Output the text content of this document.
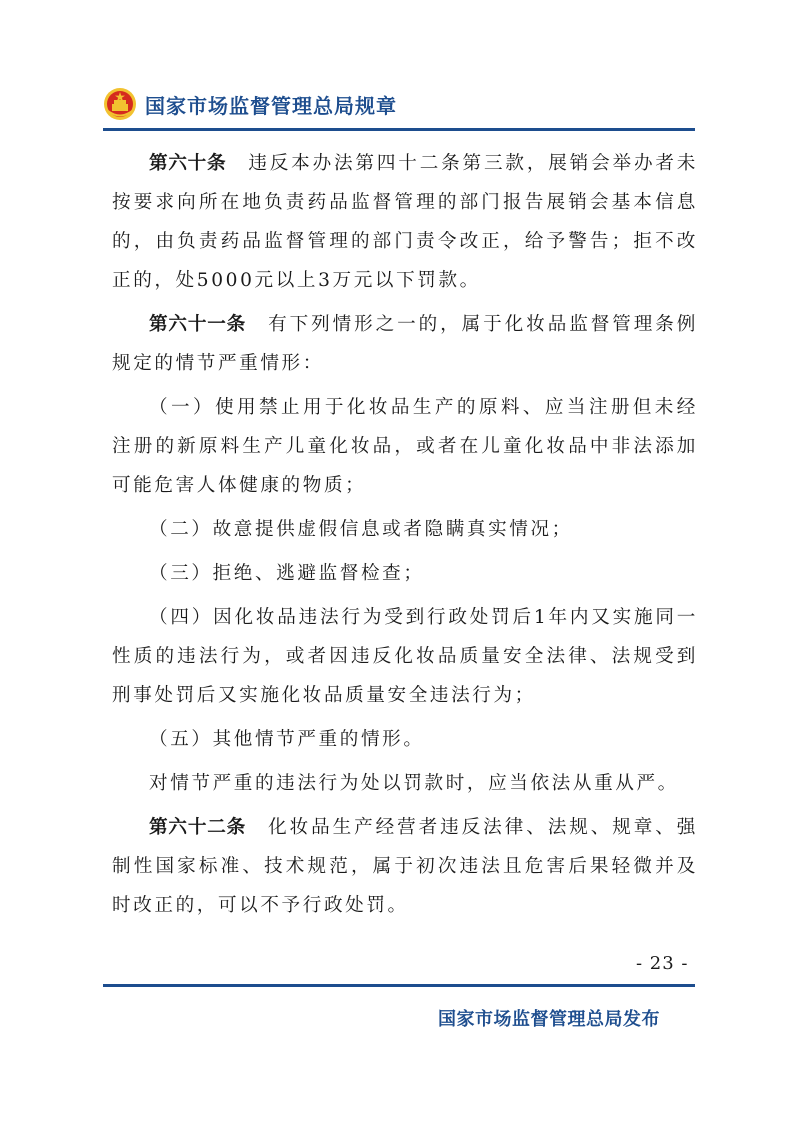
国家市场监督管理总局规章

第六十条 违反本办法第四十二条第三款，展销会举办者未按要求向所在地负责药品监督管理的部门报告展销会基本信息的，由负责药品监督管理的部门责令改正，给予警告；拒不改正的，处5000元以上3万元以下罚款。

第六十一条 有下列情形之一的，属于化妆品监督管理条例规定的情节严重情形：

（一）使用禁止用于化妆品生产的原料、应当注册但未经注册的新原料生产儿童化妆品，或者在儿童化妆品中非法添加可能危害人体健康的物质；

（二）故意提供虚假信息或者隐瞒真实情况；

（三）拒绝、逃避监督检查；

（四）因化妆品违法行为受到行政处罚后1年内又实施同一性质的违法行为，或者因违反化妆品质量安全法律、法规受到刑事处罚后又实施化妆品质量安全违法行为；

（五）其他情节严重的情形。

对情节严重的违法行为处以罚款时，应当依法从重从严。

第六十二条 化妆品生产经营者违反法律、法规、规章、强制性国家标准、技术规范，属于初次违法且危害后果轻微并及时改正的，可以不予行政处罚。

- 23 -
国家市场监督管理总局发布
